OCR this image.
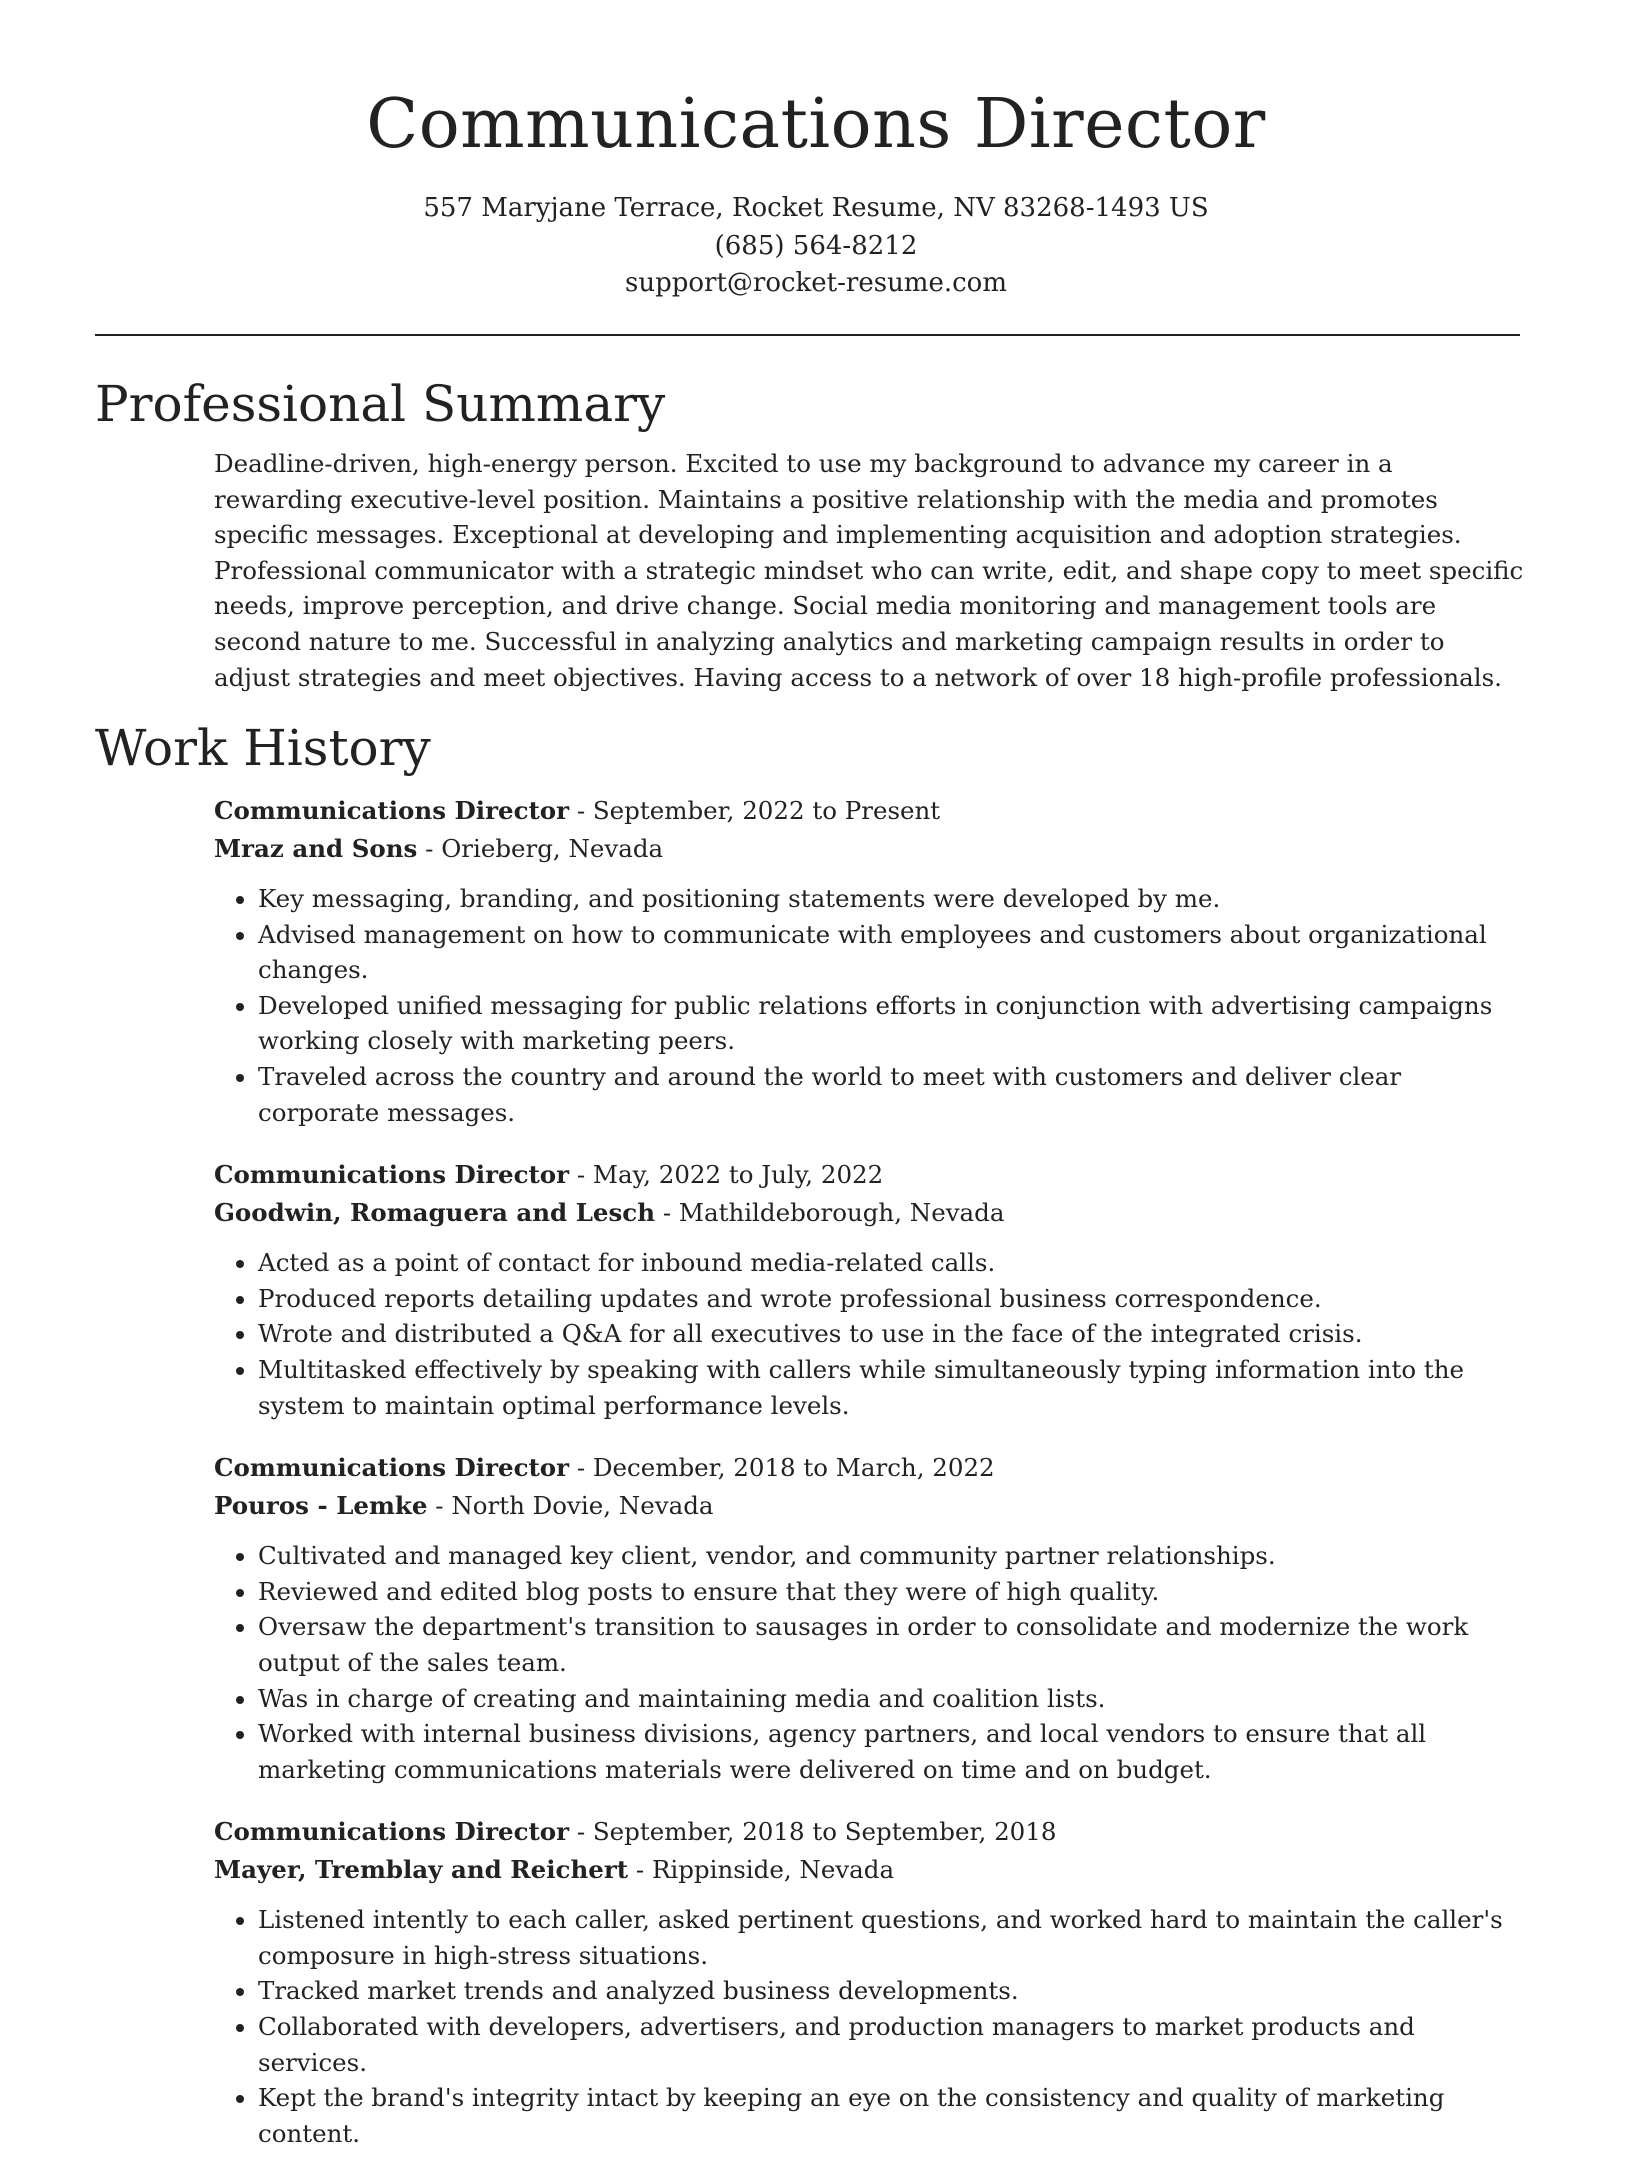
Communications Director
557 Maryjane Terrace, Rocket Resume, NV 83268-1493 US
(685) 564-8212
support@rocket-resume.com
Professional Summary
Deadline-driven, high-energy person. Excited to use my background to advance my career in a rewarding executive-level position. Maintains a positive relationship with the media and promotes specific messages. Exceptional at developing and implementing acquisition and adoption strategies. Professional communicator with a strategic mindset who can write, edit, and shape copy to meet specific needs, improve perception, and drive change. Social media monitoring and management tools are second nature to me. Successful in analyzing analytics and marketing campaign results in order to adjust strategies and meet objectives. Having access to a network of over 18 high-profile professionals.
Work History
Communications Director - September, 2022 to Present
Mraz and Sons - Orieberg, Nevada
• Key messaging, branding, and positioning statements were developed by me.
• Advised management on how to communicate with employees and customers about organizational changes.
• Developed unified messaging for public relations efforts in conjunction with advertising campaigns working closely with marketing peers.
• Traveled across the country and around the world to meet with customers and deliver clear corporate messages.
Communications Director - May, 2022 to July, 2022
Goodwin, Romaguera and Lesch - Mathildeborough, Nevada
• Acted as a point of contact for inbound media-related calls.
• Produced reports detailing updates and wrote professional business correspondence.
• Wrote and distributed a Q&A for all executives to use in the face of the integrated crisis.
• Multitasked effectively by speaking with callers while simultaneously typing information into the system to maintain optimal performance levels.
Communications Director - December, 2018 to March, 2022
Pouros - Lemke - North Dovie, Nevada
• Cultivated and managed key client, vendor, and community partner relationships.
• Reviewed and edited blog posts to ensure that they were of high quality.
• Oversaw the department's transition to sausages in order to consolidate and modernize the work output of the sales team.
• Was in charge of creating and maintaining media and coalition lists.
• Worked with internal business divisions, agency partners, and local vendors to ensure that all marketing communications materials were delivered on time and on budget.
Communications Director - September, 2018 to September, 2018
Mayer, Tremblay and Reichert - Rippinside, Nevada
• Listened intently to each caller, asked pertinent questions, and worked hard to maintain the caller's composure in high-stress situations.
• Tracked market trends and analyzed business developments.
• Collaborated with developers, advertisers, and production managers to market products and services.
• Kept the brand's integrity intact by keeping an eye on the consistency and quality of marketing content.
